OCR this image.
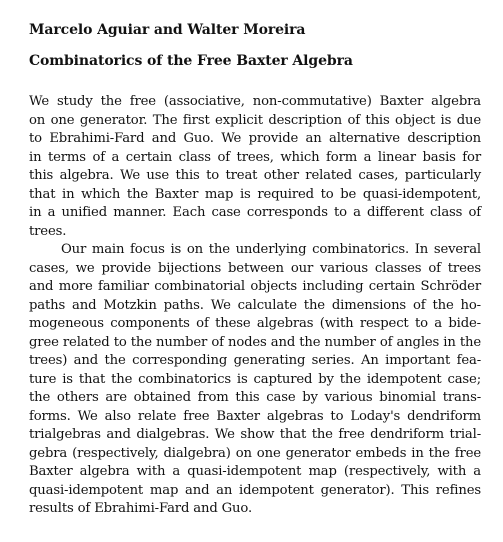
Marcelo Aguiar and Walter Moreira
Combinatorics of the Free Baxter Algebra
We study the free (associative, non-commutative) Baxter algebra
on one generator. The first explicit description of this object is due
to Ebrahimi-Fard and Guo. We provide an alternative description
in terms of a certain class of trees, which form a linear basis for
this algebra. We use this to treat other related cases, particularly
that in which the Baxter map is required to be quasi-idempotent,
in a unified manner. Each case corresponds to a different class of
trees.
Our main focus is on the underlying combinatorics. In several
cases, we provide bijections between our various classes of trees
and more familiar combinatorial objects including certain Schröder
paths and Motzkin paths. We calculate the dimensions of the ho-
mogeneous components of these algebras (with respect to a bide-
gree related to the number of nodes and the number of angles in the
trees) and the corresponding generating series. An important fea-
ture is that the combinatorics is captured by the idempotent case;
the others are obtained from this case by various binomial trans-
forms. We also relate free Baxter algebras to Loday's dendriform
trialgebras and dialgebras. We show that the free dendriform trial-
gebra (respectively, dialgebra) on one generator embeds in the free
Baxter algebra with a quasi-idempotent map (respectively, with a
quasi-idempotent map and an idempotent generator). This refines
results of Ebrahimi-Fard and Guo.
